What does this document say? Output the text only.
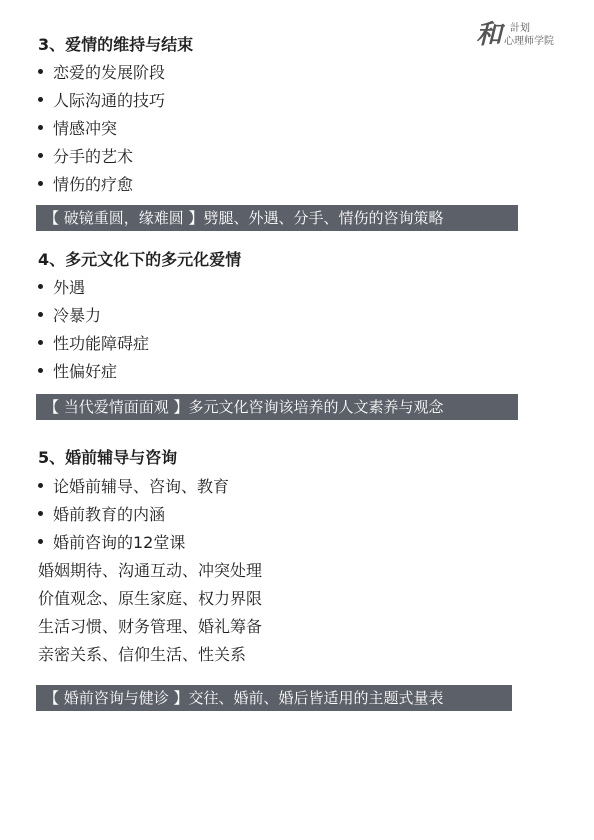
和 計划
心理师学院
3、爱情的维持与结束
恋爱的发展阶段
人际沟通的技巧
情感冲突
分手的艺术
情伤的疗愈
【 破镜重圆，缘难圆 】劈腿、外遇、分手、情伤的咨询策略
4、多元文化下的多元化爱情
外遇
冷暴力
性功能障碍症
性偏好症
【 当代爱情面面观 】多元文化咨询该培养的人文素养与观念
5、婚前辅导与咨询
论婚前辅导、咨询、教育
婚前教育的内涵
婚前咨询的12堂课
婚姻期待、沟通互动、冲突处理
价值观念、原生家庭、权力界限
生活习惯、财务管理、婚礼筹备
亲密关系、信仰生活、性关系
【 婚前咨询与健诊 】交往、婚前、婚后皆适用的主题式量表
